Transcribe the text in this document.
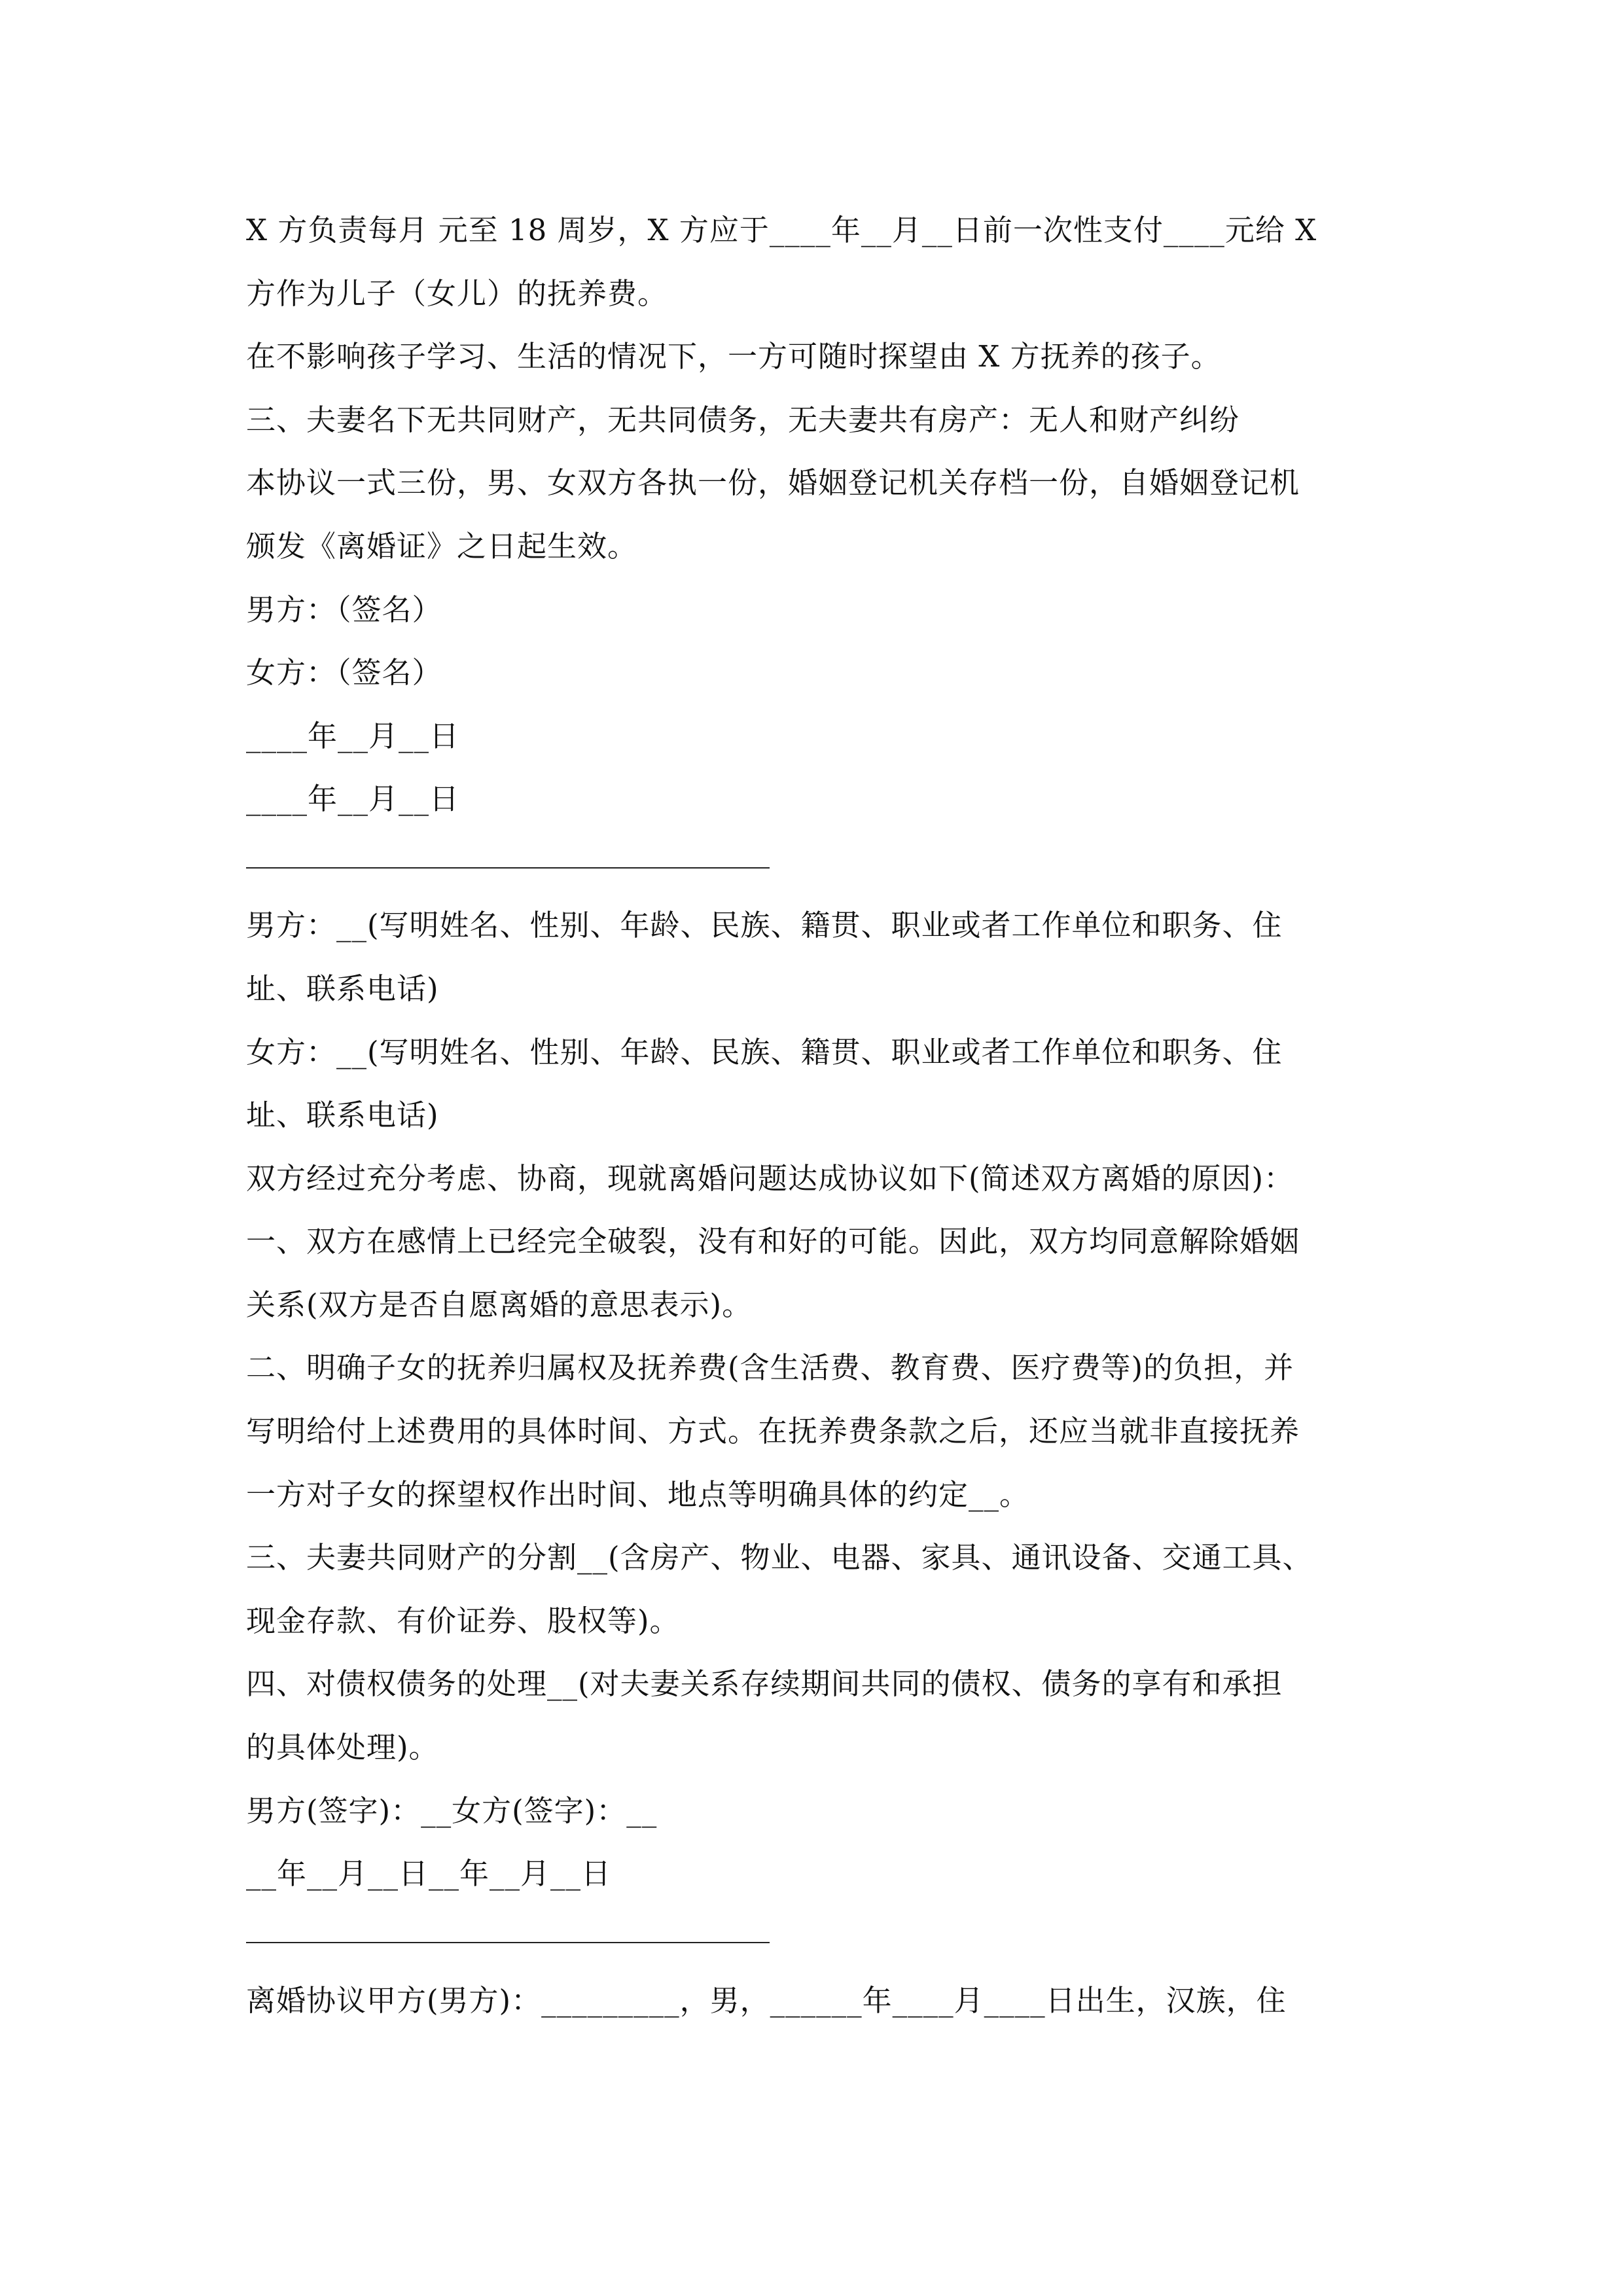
X 方负责每月 元至 18 周岁，X 方应于____年__月__日前一次性支付____元给 X

方作为儿子（女儿）的抚养费。

在不影响孩子学习、生活的情况下，一方可随时探望由 X 方抚养的孩子。

三、夫妻名下无共同财产，无共同债务，无夫妻共有房产：无人和财产纠纷

本协议一式三份，男、女双方各执一份，婚姻登记机关存档一份，自婚姻登记机

颁发《离婚证》之日起生效。

男方：（签名）

女方：（签名）

____年__月__日

____年__月__日

男方：__(写明姓名、性别、年龄、民族、籍贯、职业或者工作单位和职务、住

址、联系电话)

女方：__(写明姓名、性别、年龄、民族、籍贯、职业或者工作单位和职务、住

址、联系电话)

双方经过充分考虑、协商，现就离婚问题达成协议如下(简述双方离婚的原因)：

一、双方在感情上已经完全破裂，没有和好的可能。因此，双方均同意解除婚姻

关系(双方是否自愿离婚的意思表示)。

二、明确子女的抚养归属权及抚养费(含生活费、教育费、医疗费等)的负担，并

写明给付上述费用的具体时间、方式。在抚养费条款之后，还应当就非直接抚养

一方对子女的探望权作出时间、地点等明确具体的约定__。

三、夫妻共同财产的分割__(含房产、物业、电器、家具、通讯设备、交通工具、

现金存款、有价证券、股权等)。

四、对债权债务的处理__(对夫妻关系存续期间共同的债权、债务的享有和承担

的具体处理)。

男方(签字)：__女方(签字)：__

__年__月__日__年__月__日

离婚协议甲方(男方)：_________，男，______年____月____日出生，汉族，住
